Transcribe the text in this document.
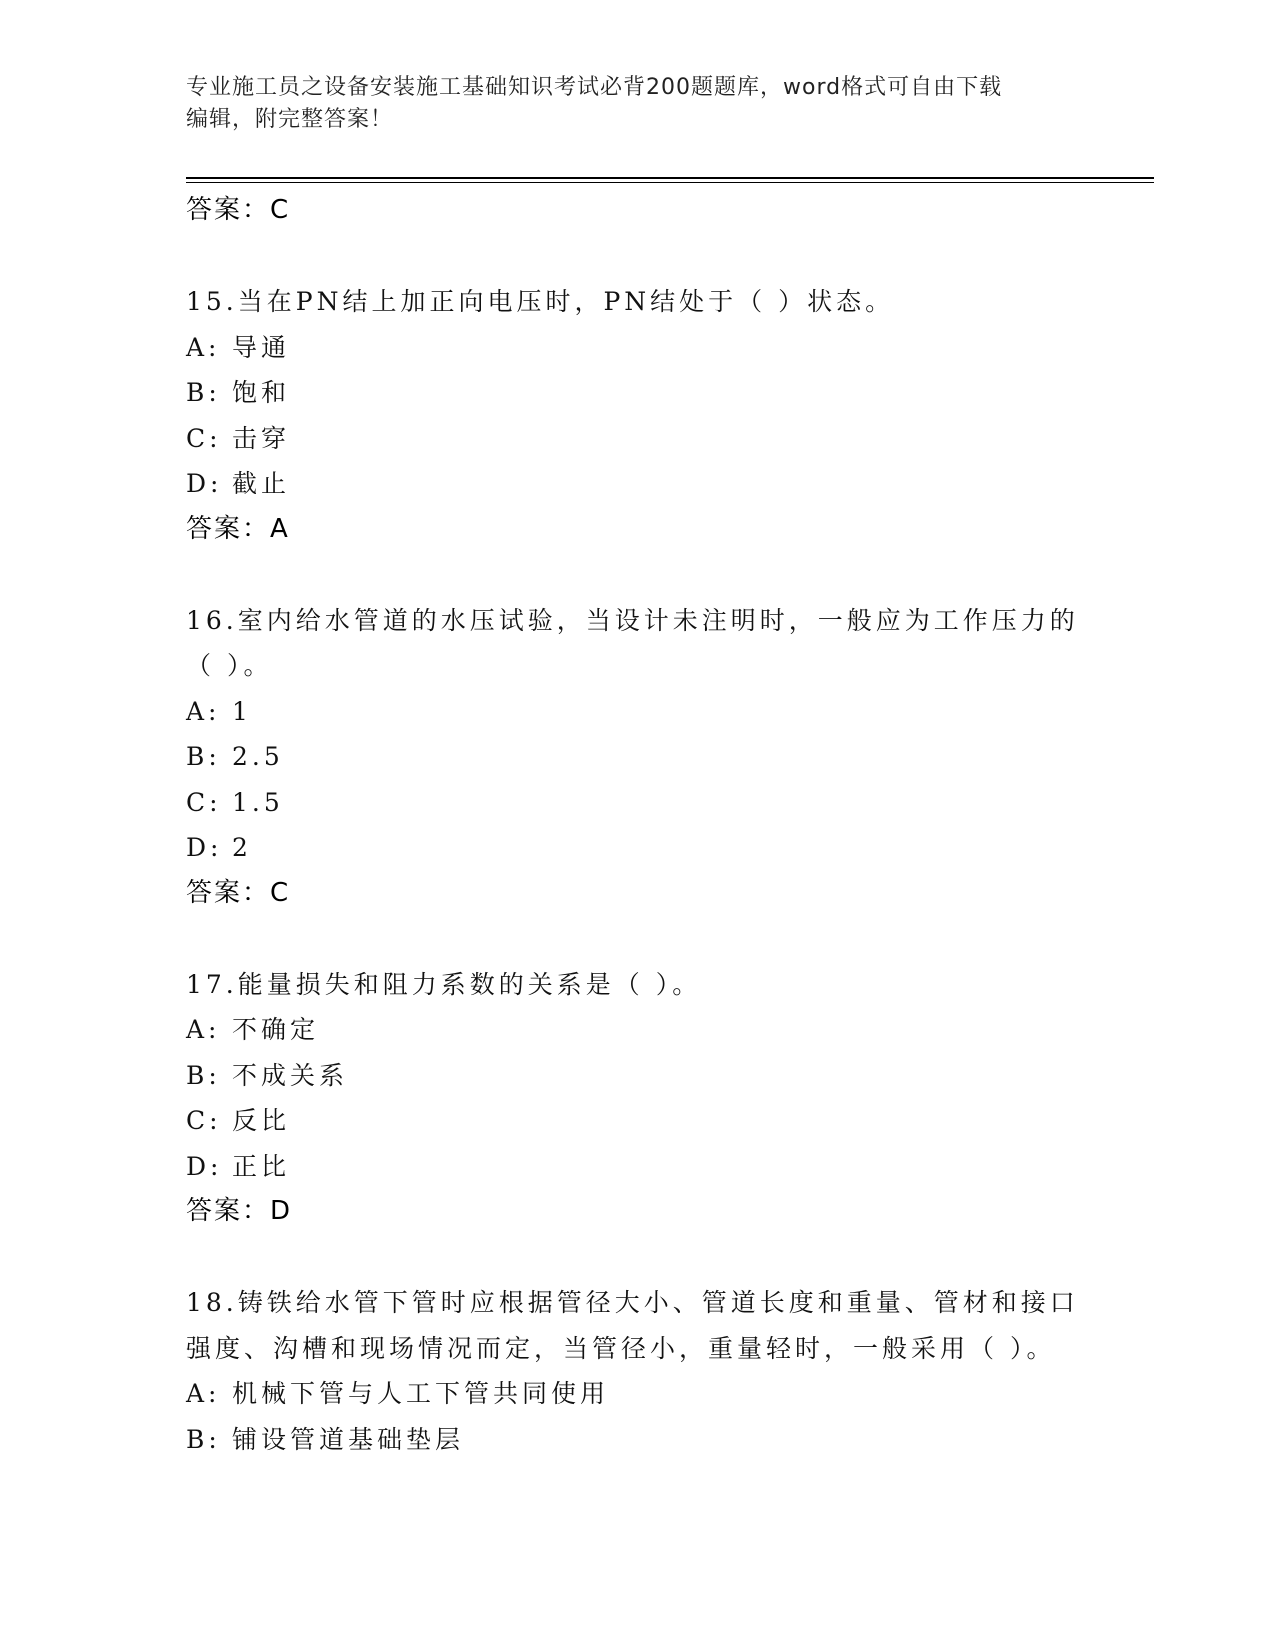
专业施工员之设备安装施工基础知识考试必背200题题库，word格式可自由下载
编辑，附完整答案！
答案：C
15.当在PN结上加正向电压时，PN结处于（ ）状态。
A: 导通
B: 饱和
C: 击穿
D: 截止
答案：A
16.室内给水管道的水压试验，当设计未注明时，一般应为工作压力的（ ）。
A: 1
B: 2.5
C: 1.5
D: 2
答案：C
17.能量损失和阻力系数的关系是（ ）。
A: 不确定
B: 不成关系
C: 反比
D: 正比
答案：D
18.铸铁给水管下管时应根据管径大小、管道长度和重量、管材和接口强度、沟槽和现场情况而定，当管径小，重量轻时，一般采用（ ）。
A: 机械下管与人工下管共同使用
B: 铺设管道基础垫层
